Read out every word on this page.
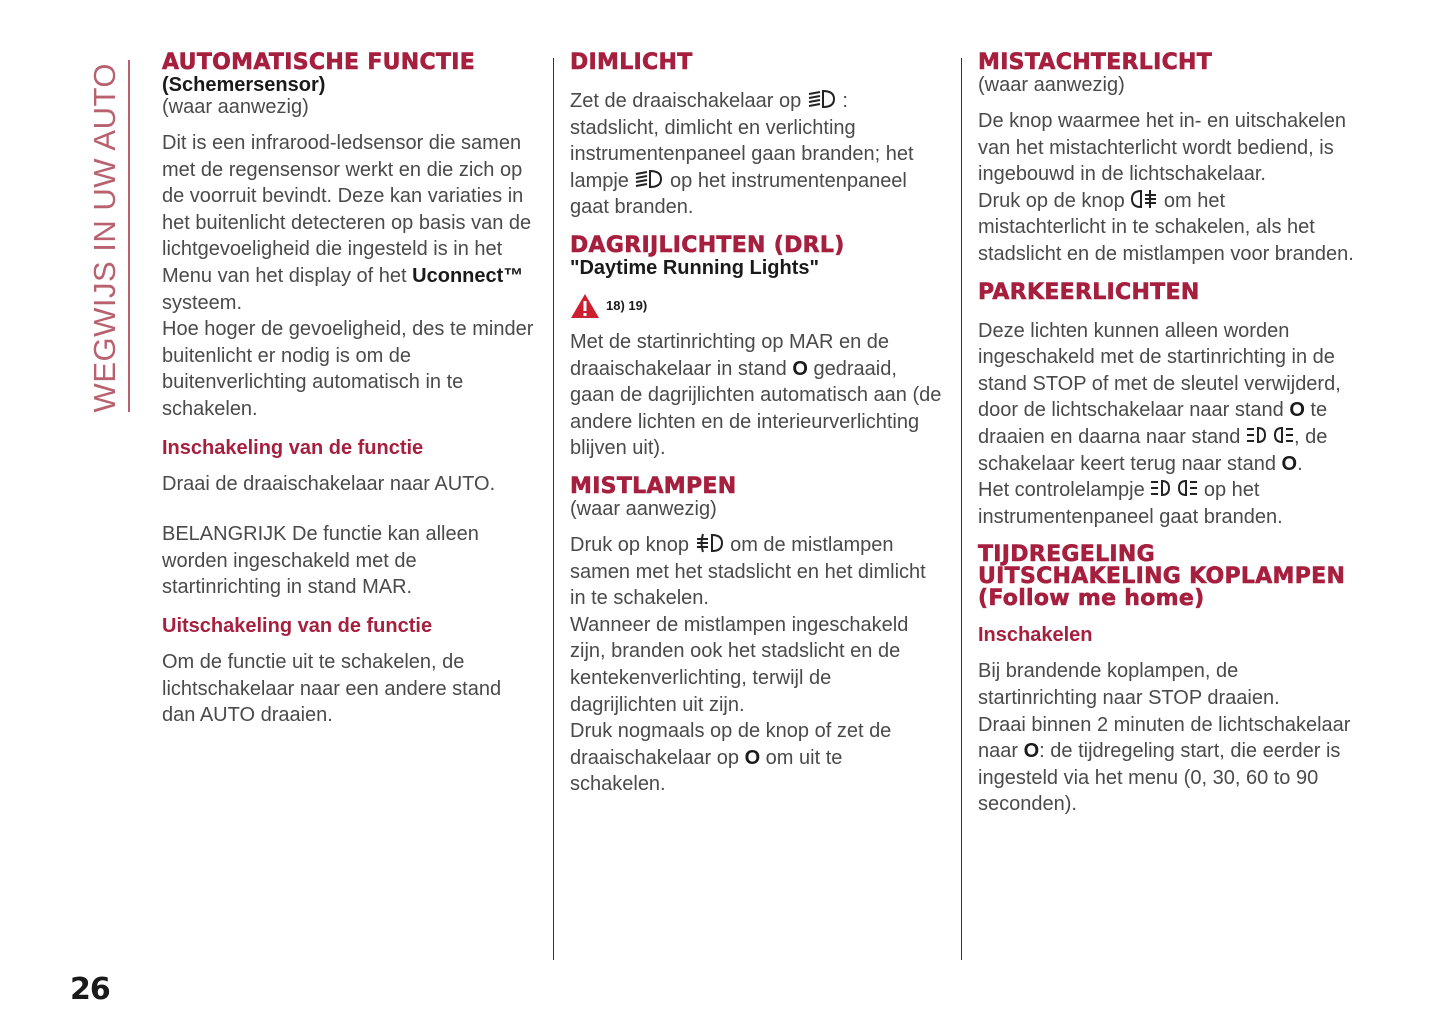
WEGWIJS IN UW AUTO
26
AUTOMATISCHE FUNCTIE

(Schemersensor)

(waar aanwezig)

Dit is een infrarood-ledsensor die samen met de regensensor werkt en die zich op de voorruit bevindt. Deze kan variaties in het buitenlicht detecteren op basis van de lichtgevoeligheid die ingesteld is in het Menu van het display of het Uconnect™ systeem.

Hoe hoger de gevoeligheid, des te minder buitenlicht er nodig is om de buitenverlichting automatisch in te schakelen.

Inschakeling van de functie

Draai de draaischakelaar naar AUTO.

BELANGRIJK De functie kan alleen worden ingeschakeld met de startinrichting in stand MAR.

Uitschakeling van de functie

Om de functie uit te schakelen, de lichtschakelaar naar een andere stand dan AUTO draaien.

DIMLICHT

Zet de draaischakelaar op  : stadslicht, dimlicht en verlichting instrumentenpaneel gaan branden; het lampje  op het instrumentenpaneel gaat branden.

DAGRIJLICHTEN (DRL)

"Daytime Running Lights"

18) 19)

Met de startinrichting op MAR en de draaischakelaar in stand O gedraaid, gaan de dagrijlichten automatisch aan (de andere lichten en de interieurverlichting blijven uit).

MISTLAMPEN

(waar aanwezig)

Druk op knop  om de mistlampen samen met het stadslicht en het dimlicht in te schakelen.

Wanneer de mistlampen ingeschakeld zijn, branden ook het stadslicht en de kentekenverlichting, terwijl de dagrijlichten uit zijn.

Druk nogmaals op de knop of zet de draaischakelaar op O om uit te schakelen.

MISTACHTERLICHT

(waar aanwezig)

De knop waarmee het in- en uitschakelen van het mistachterlicht wordt bediend, is ingebouwd in de lichtschakelaar.

Druk op de knop  om het mistachterlicht in te schakelen, als het stadslicht en de mistlampen voor branden.

PARKEERLICHTEN

Deze lichten kunnen alleen worden ingeschakeld met de startinrichting in de stand STOP of met de sleutel verwijderd, door de lichtschakelaar naar stand O te draaien en daarna naar stand , de schakelaar keert terug naar stand O.
Het controlelampje  op het instrumentenpaneel gaat branden.

TIJDREGELING UITSCHAKELING KOPLAMPEN (Follow me home)
Inschakelen

Bij brandende koplampen, de startinrichting naar STOP draaien.

Draai binnen 2 minuten de lichtschakelaar naar O: de tijdregeling start, die eerder is ingesteld via het menu (0, 30, 60 to 90 seconden).
